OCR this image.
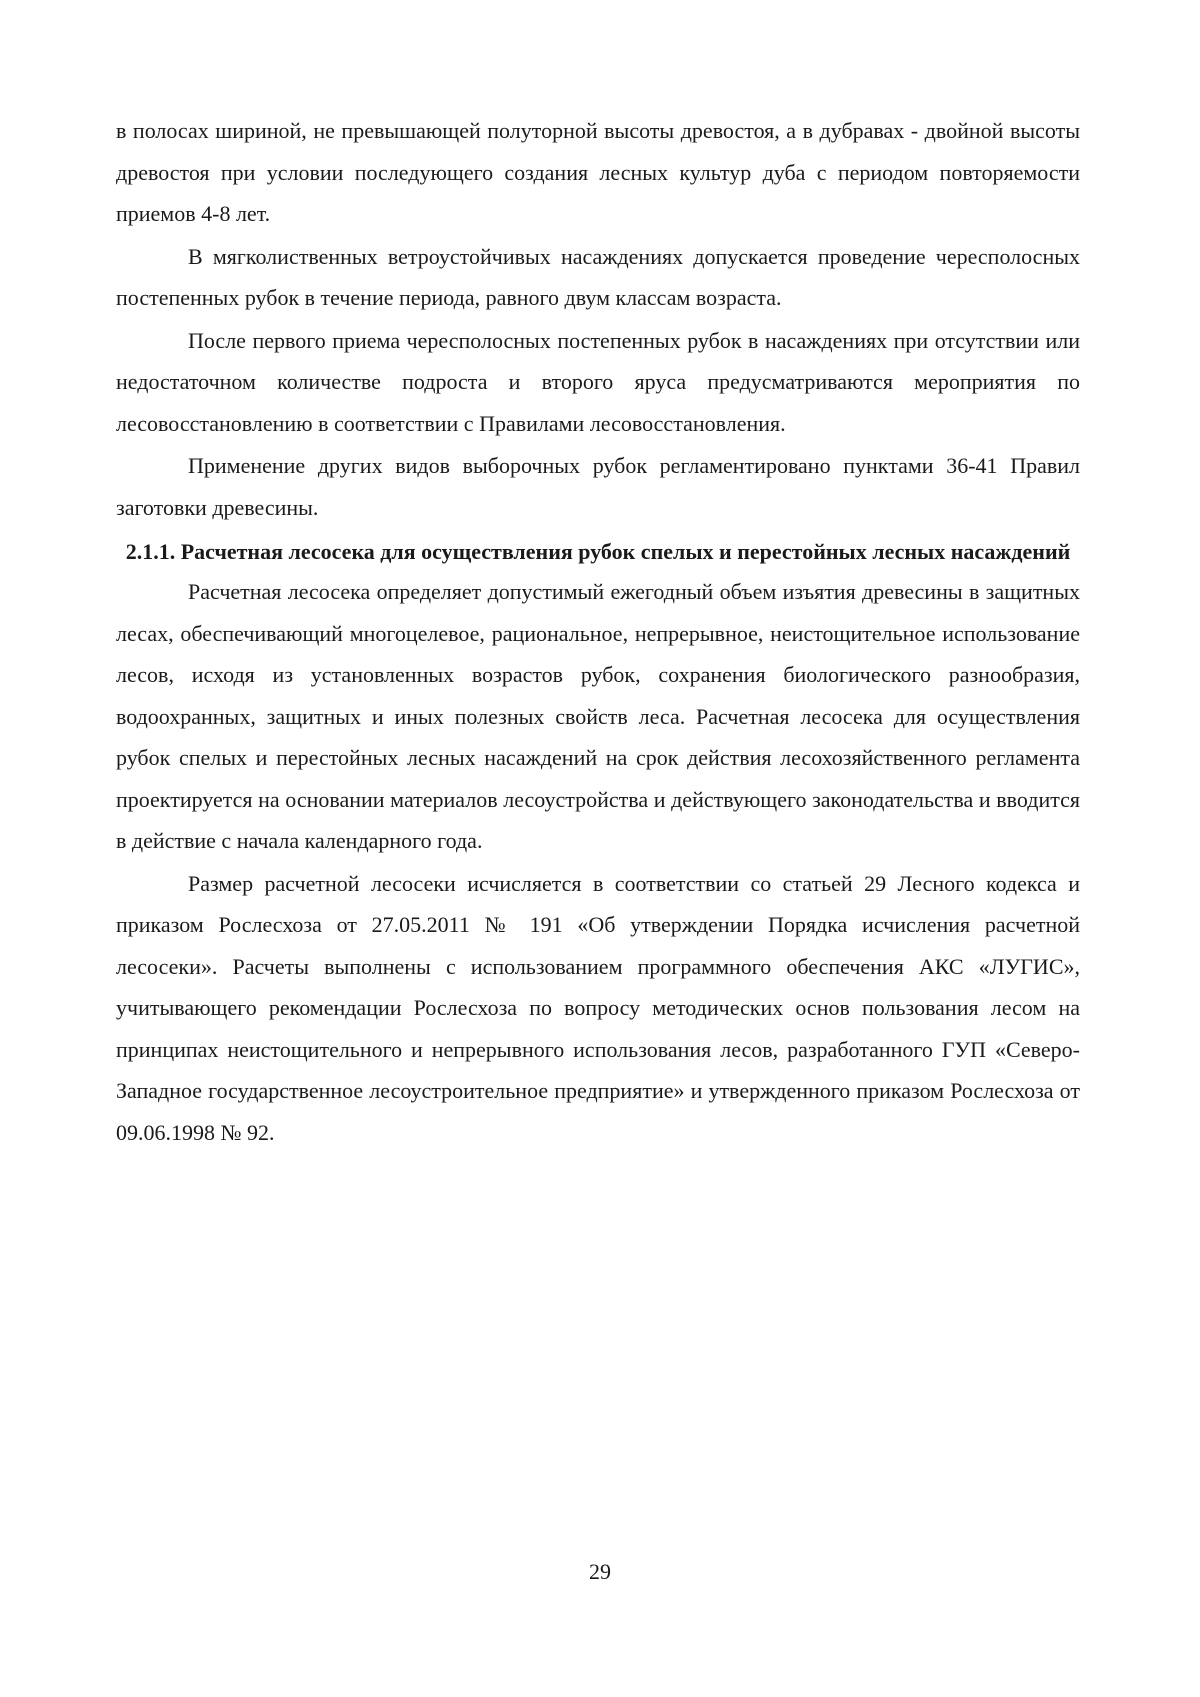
в полосах шириной, не превышающей полуторной высоты древостоя, а в дубравах - двойной высоты древостоя при условии последующего создания лесных культур дуба с периодом повторяемости приемов 4-8 лет.

В мягколиственных ветроустойчивых насаждениях допускается проведение чересполосных постепенных рубок в течение периода, равного двум классам возраста.

После первого приема чересполосных постепенных рубок в насаждениях при отсутствии или недостаточном количестве подроста и второго яруса предусматриваются мероприятия по лесовосстановлению в соответствии с Правилами лесовосстановления.

Применение других видов выборочных рубок регламентировано пунктами 36-41 Правил заготовки древесины.

2.1.1. Расчетная лесосека для осуществления рубок спелых и перестойных лесных насаждений

Расчетная лесосека определяет допустимый ежегодный объем изъятия древесины в защитных лесах, обеспечивающий многоцелевое, рациональное, непрерывное, неистощительное использование лесов, исходя из установленных возрастов рубок, сохранения биологического разнообразия, водоохранных, защитных и иных полезных свойств леса. Расчетная лесосека для осуществления рубок спелых и перестойных лесных насаждений на срок действия лесохозяйственного регламента проектируется на основании материалов лесоустройства и действующего законодательства и вводится в действие с начала календарного года.

Размер расчетной лесосеки исчисляется в соответствии со статьей 29 Лесного кодекса и приказом Рослесхоза от 27.05.2011 № 191 «Об утверждении Порядка исчисления расчетной лесосеки». Расчеты выполнены с использованием программного обеспечения АКС «ЛУГИС», учитывающего рекомендации Рослесхоза по вопросу методических основ пользования лесом на принципах неистощительного и непрерывного использования лесов, разработанного ГУП «Северо-Западное государственное лесоустроительное предприятие» и утвержденного приказом Рослесхоза от 09.06.1998 № 92.

29
